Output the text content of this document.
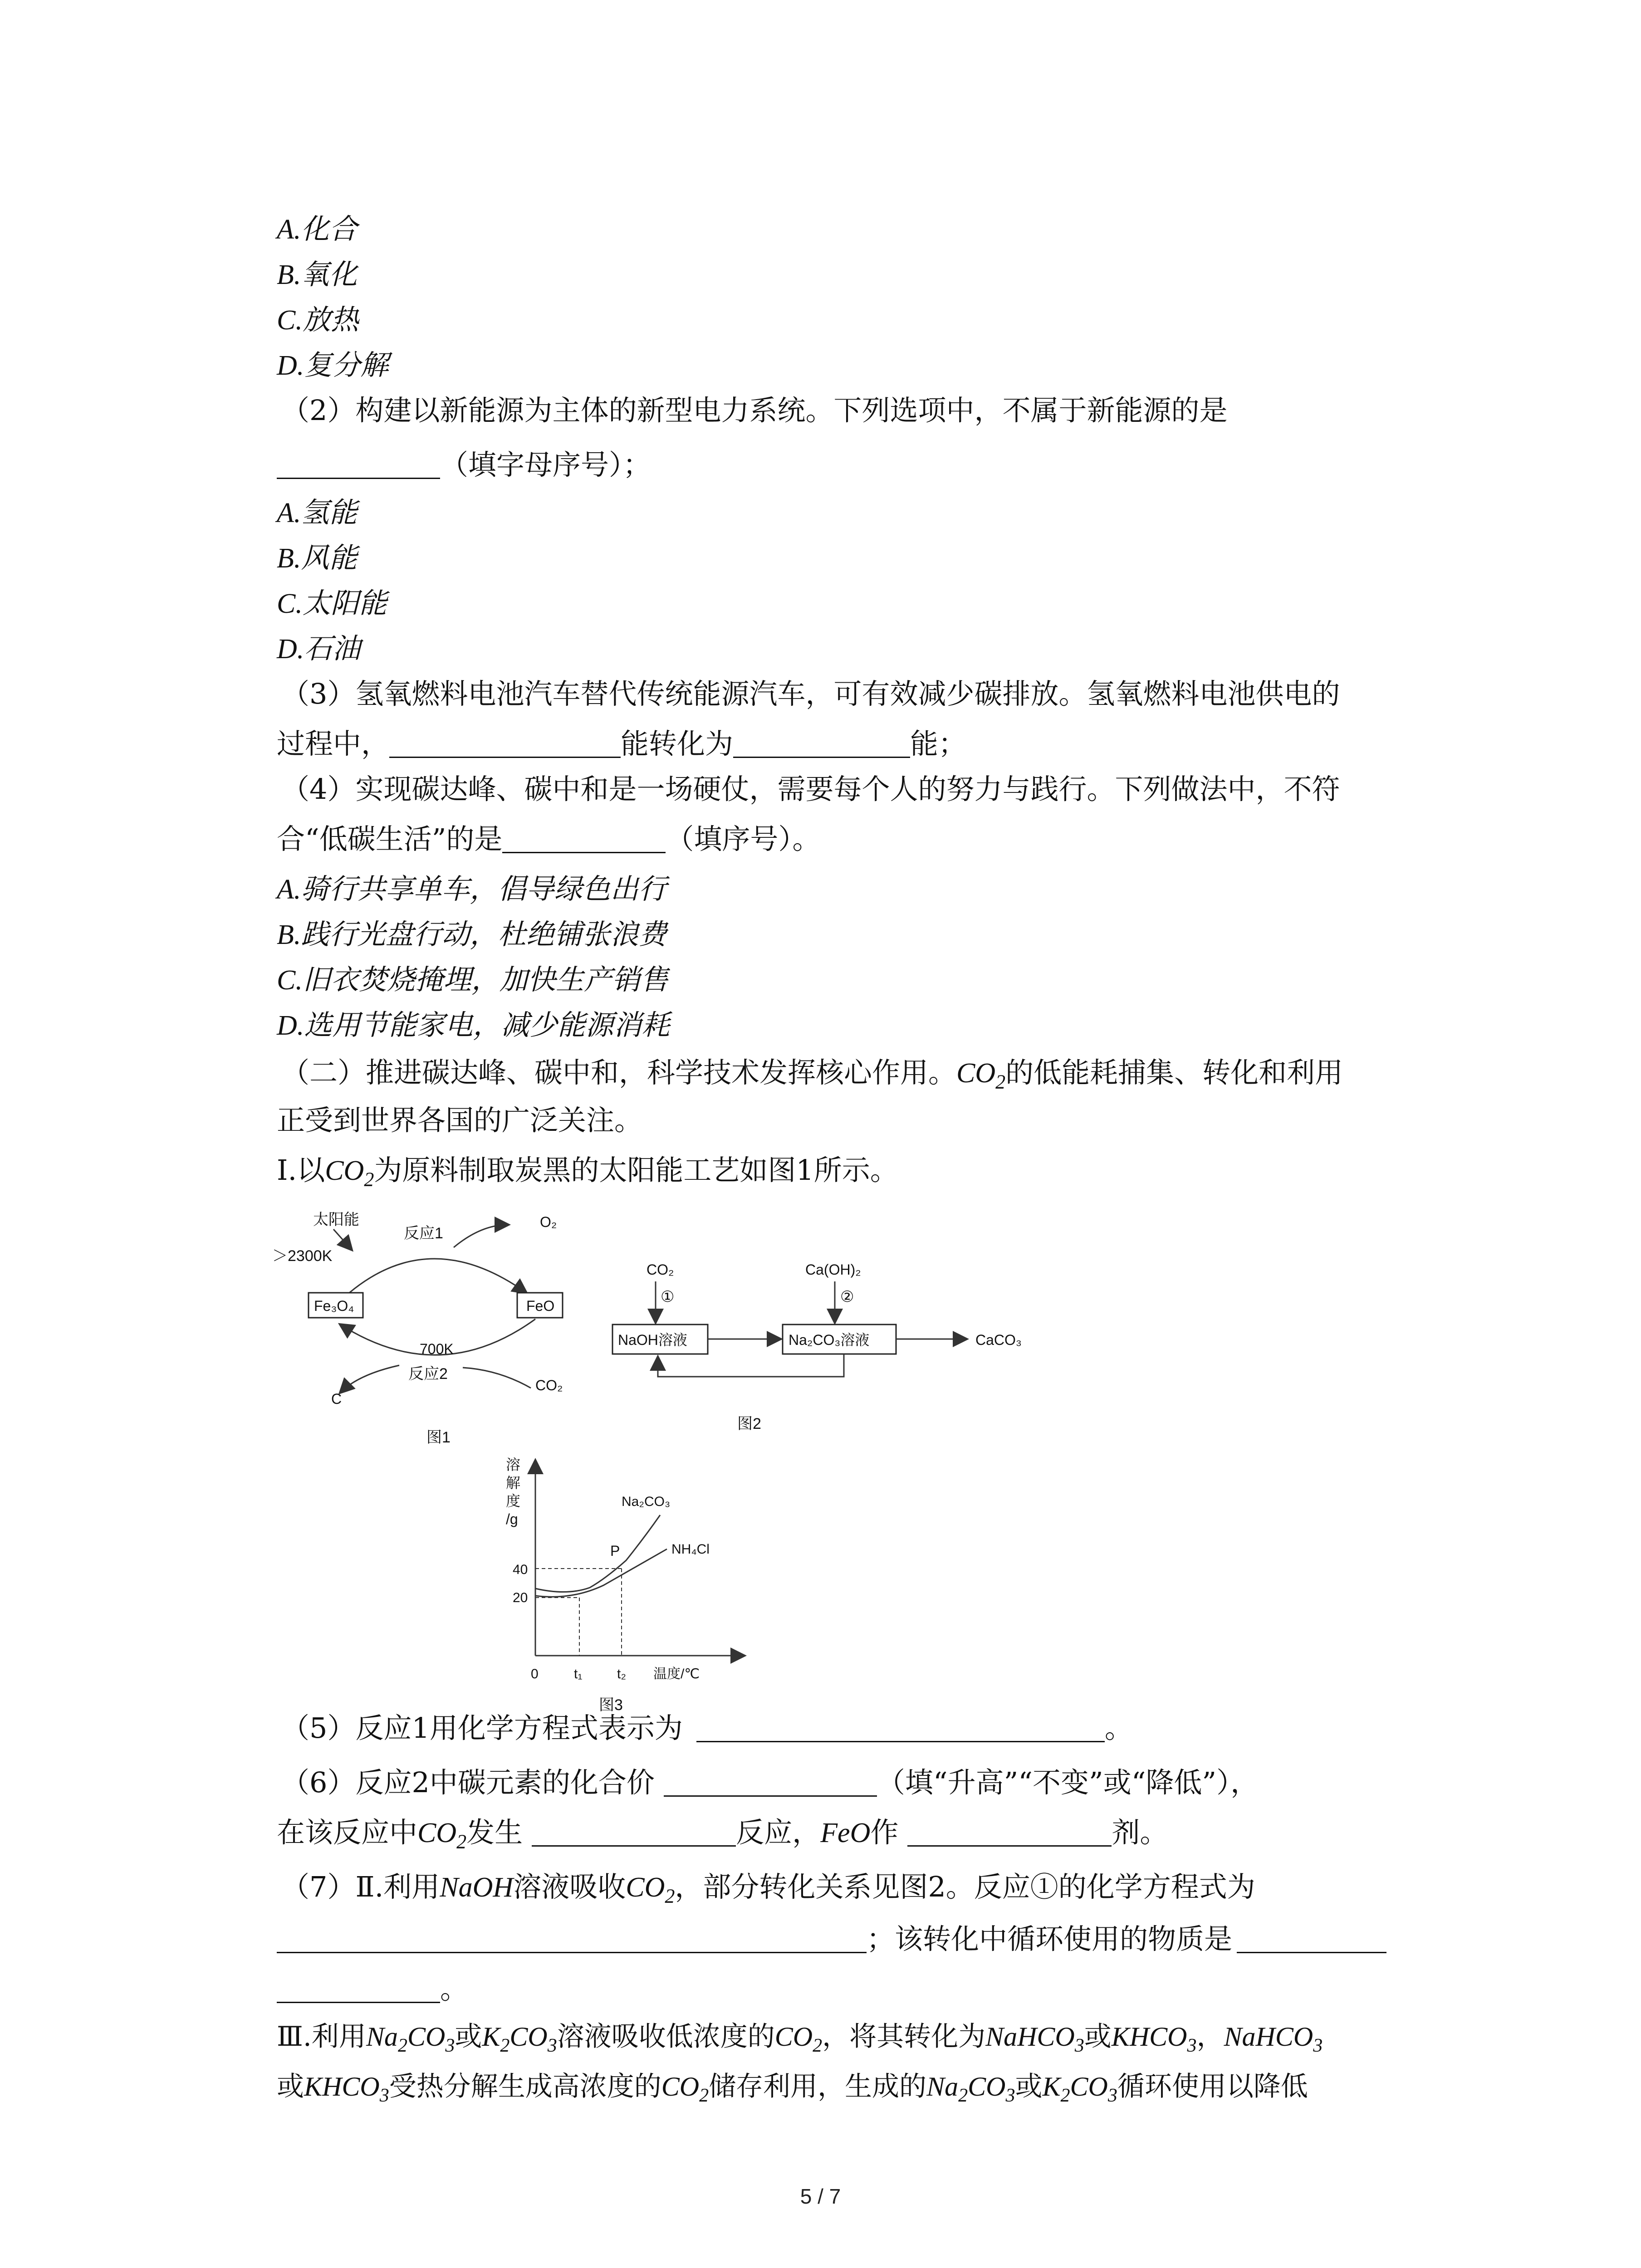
A.化合
B.氧化
C.放热
D.复分解
（2）构建以新能源为主体的新型电力系统。下列选项中，不属于新能源的是
（填字母序号）；
A.氢能
B.风能
C.太阳能
D.石油
（3）氢氧燃料电池汽车替代传统能源汽车，可有效减少碳排放。氢氧燃料电池供电的
过程中，	能转化为	能；
（4）实现碳达峰、碳中和是一场硬仗，需要每个人的努力与践行。下列做法中，不符
合“低碳生活”的是	（填序号）。
A.骑行共享单车，倡导绿色出行
B.践行光盘行动，杜绝铺张浪费
C.旧衣焚烧掩埋，加快生产销售
D.选用节能家电，减少能源消耗
（二）推进碳达峰、碳中和，科学技术发挥核心作用。$CO_2$的低能耗捕集、转化和利用
正受到世界各国的广泛关注。
Ⅰ.以$CO_2$为原料制取炭黑的太阳能工艺如图1所示。
太阳能
＞2300K
反应1
O₂
Fe₃O₄	FeO
700K
反应2
C
CO₂
图1
CO₂
①
Ca(OH)₂
②
NaOH溶液	Na₂CO₃溶液	CaCO₃
图2
溶
解
度
/g
Na₂CO₃
NH₄Cl
P
40
20
0	t₁	t₂ 温度/℃
图3
（5）反应1用化学方程式表示为	。
（6）反应2中碳元素的化合价	（填“升高”“不变”或“降低”），
在该反应中$CO_2$发生	反应，FeO作	剂。
（7）Ⅱ.利用NaOH溶液吸收$CO_2$，部分转化关系见图2。反应①的化学方程式为
；该转化中循环使用的物质是
。
Ⅲ.利用$Na_2CO_3$或$K_2CO_3$溶液吸收低浓度的$CO_2$，将其转化为NaHCO$_3$或$KHCO_3$，NaHCO$_3$
或$KHCO_3$受热分解生成高浓度的$CO_2$储存利用，生成的$Na_2CO_3$或$K_2CO_3$循环使用以降低
5 / 7
